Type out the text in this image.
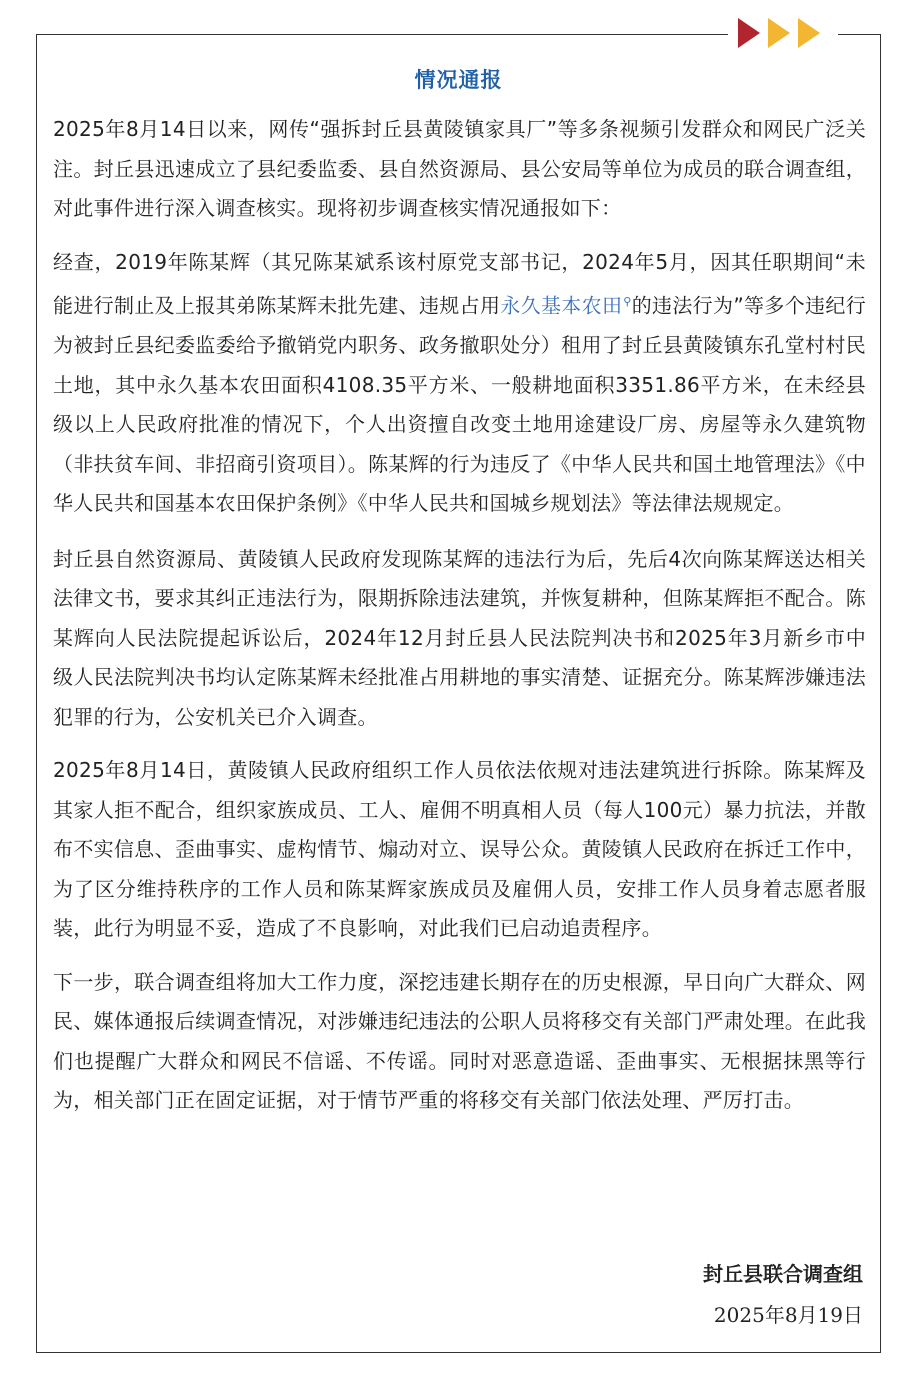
情况通报

2025年8月14日以来，网传“强拆封丘县黄陵镇家具厂”等多条视频引发群众和网民广泛关注。封丘县迅速成立了县纪委监委、县自然资源局、县公安局等单位为成员的联合调查组，对此事件进行深入调查核实。现将初步调查核实情况通报如下：

经查，2019年陈某辉（其兄陈某斌系该村原党支部书记，2024年5月，因其任职期间“未能进行制止及上报其弟陈某辉未批先建、违规占用永久基本农田⚲的违法行为”等多个违纪行为被封丘县纪委监委给予撤销党内职务、政务撤职处分）租用了封丘县黄陵镇东孔堂村村民土地，其中永久基本农田面积4108.35平方米、一般耕地面积3351.86平方米，在未经县级以上人民政府批准的情况下，个人出资擅自改变土地用途建设厂房、房屋等永久建筑物（非扶贫车间、非招商引资项目）。陈某辉的行为违反了《中华人民共和国土地管理法》《中华人民共和国基本农田保护条例》《中华人民共和国城乡规划法》等法律法规规定。

封丘县自然资源局、黄陵镇人民政府发现陈某辉的违法行为后，先后4次向陈某辉送达相关法律文书，要求其纠正违法行为，限期拆除违法建筑，并恢复耕种，但陈某辉拒不配合。陈某辉向人民法院提起诉讼后，2024年12月封丘县人民法院判决书和2025年3月新乡市中级人民法院判决书均认定陈某辉未经批准占用耕地的事实清楚、证据充分。陈某辉涉嫌违法犯罪的行为，公安机关已介入调查。

2025年8月14日，黄陵镇人民政府组织工作人员依法依规对违法建筑进行拆除。陈某辉及其家人拒不配合，组织家族成员、工人、雇佣不明真相人员（每人100元）暴力抗法，并散布不实信息、歪曲事实、虚构情节、煽动对立、误导公众。黄陵镇人民政府在拆迁工作中，为了区分维持秩序的工作人员和陈某辉家族成员及雇佣人员，安排工作人员身着志愿者服装，此行为明显不妥，造成了不良影响，对此我们已启动追责程序。

下一步，联合调查组将加大工作力度，深挖违建长期存在的历史根源，早日向广大群众、网民、媒体通报后续调查情况，对涉嫌违纪违法的公职人员将移交有关部门严肃处理。在此我们也提醒广大群众和网民不信谣、不传谣。同时对恶意造谣、歪曲事实、无根据抹黑等行为，相关部门正在固定证据，对于情节严重的将移交有关部门依法处理、严厉打击。

封丘县联合调查组
2025年8月19日
